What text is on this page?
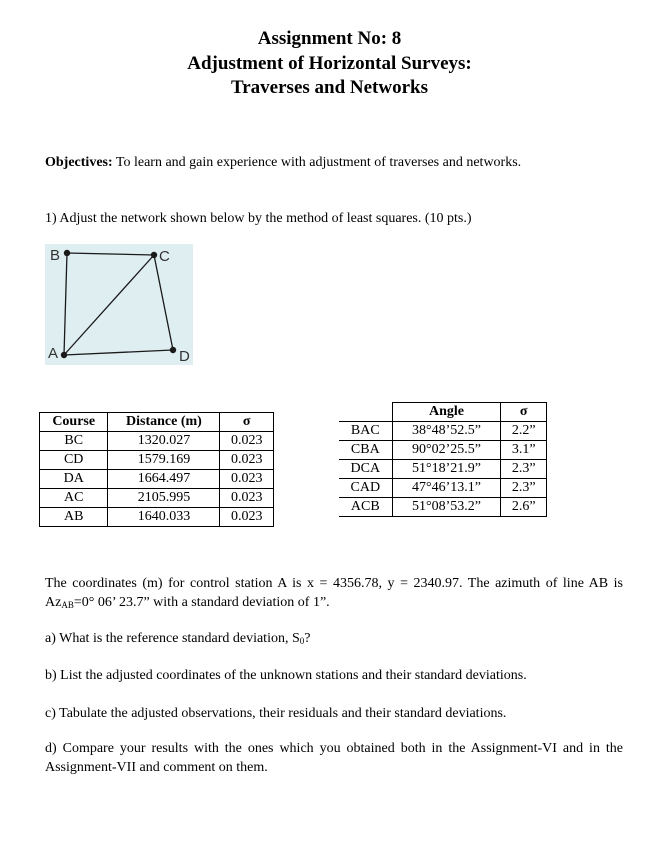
Assignment No: 8
Adjustment of Horizontal Surveys:
Traverses and Networks
Objectives: To learn and gain experience with adjustment of traverses and networks.
1) Adjust the network shown below by the method of least squares. (10 pts.)
B	C
A	D
Course	Distance (m)	σ
BC	1320.027	0.023
CD	1579.169	0.023
DA	1664.497	0.023
AC	2105.995	0.023
AB	1640.033	0.023
	Angle	σ
BAC	38°48’52.5”	2.2”
CBA	90°02’25.5”	3.1”
DCA	51°18’21.9”	2.3”
CAD	47°46’13.1”	2.3”
ACB	51°08’53.2”	2.6”
The coordinates (m) for control station A is x = 4356.78, y = 2340.97. The azimuth of line AB is $Az_{AB}=0^\circ$ 06’ 23.7” with a standard deviation of 1”.
a) What is the reference standard deviation, $S_0$?
b) List the adjusted coordinates of the unknown stations and their standard deviations.
c) Tabulate the adjusted observations, their residuals and their standard deviations.
d) Compare your results with the ones which you obtained both in the Assignment-VI and in the Assignment-VII and comment on them.
